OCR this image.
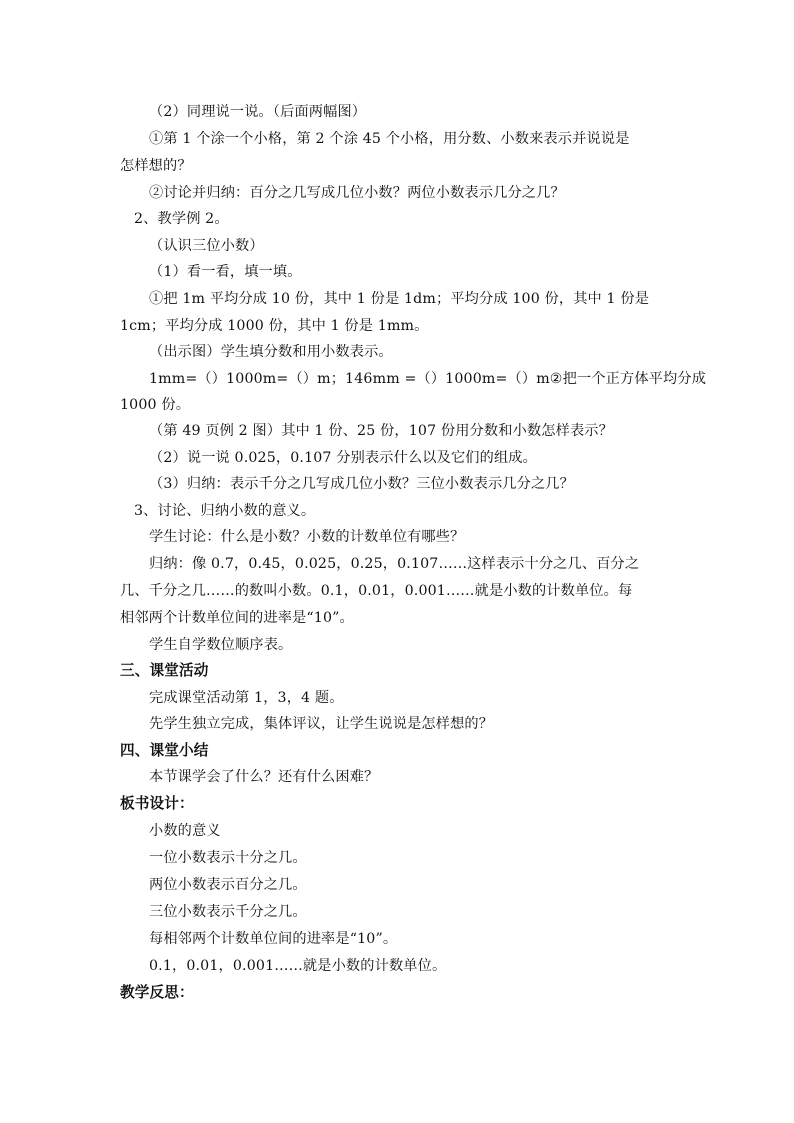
（2）同理说一说。（后面两幅图）
①第 1 个涂一个小格，第 2 个涂 45 个小格，用分数、小数来表示并说说是
怎样想的？
②讨论并归纳：百分之几写成几位小数？两位小数表示几分之几？
2、教学例 2。
（认识三位小数）
（1）看一看，填一填。
①把 1m 平均分成 10 份，其中 1 份是 1dm；平均分成 100 份，其中 1 份是
1cm；平均分成 1000 份，其中 1 份是 1mm。
（出示图）学生填分数和用小数表示。
1mm=（）1000m=（）m；146mm =（）1000m=（）m②把一个正方体平均分成
1000 份。
（第 49 页例 2 图）其中 1 份、25 份，107 份用分数和小数怎样表示？
（2）说一说 0.025，0.107 分别表示什么以及它们的组成。
（3）归纳：表示千分之几写成几位小数？三位小数表示几分之几？
3、讨论、归纳小数的意义。
学生讨论：什么是小数？小数的计数单位有哪些？
归纳：像 0.7，0.45，0.025，0.25，0.107……这样表示十分之几、百分之
几、千分之几……的数叫小数。0.1，0.01，0.001……就是小数的计数单位。每
相邻两个计数单位间的进率是“10”。
学生自学数位顺序表。
三、课堂活动
完成课堂活动第 1，3，4 题。
先学生独立完成，集体评议，让学生说说是怎样想的？
四、课堂小结
本节课学会了什么？还有什么困难？
板书设计：
小数的意义
一位小数表示十分之几。
两位小数表示百分之几。
三位小数表示千分之几。
每相邻两个计数单位间的进率是“10”。
0.1，0.01，0.001……就是小数的计数单位。
教学反思：
